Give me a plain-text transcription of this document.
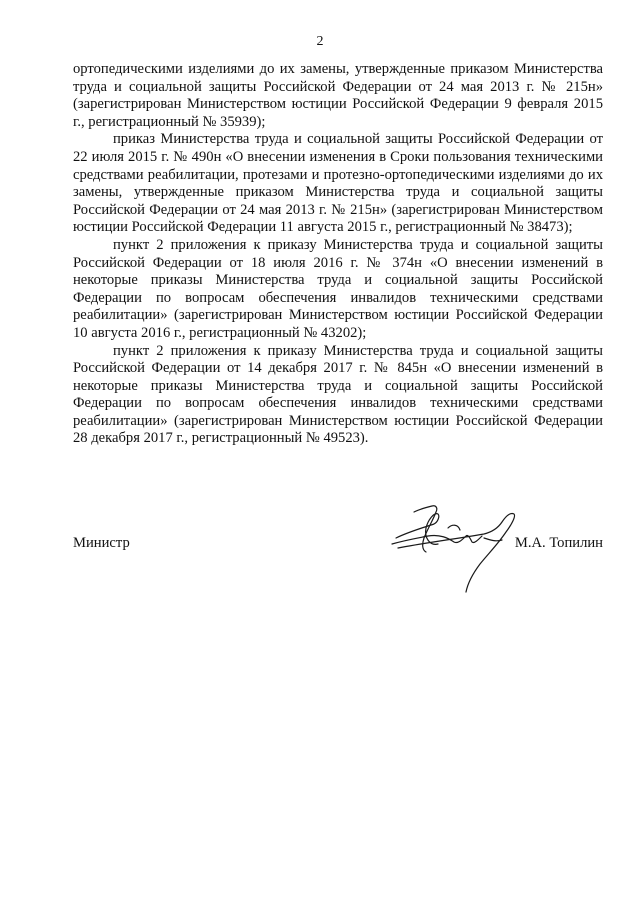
2

ортопедическими изделиями до их замены, утвержденные приказом Министерства труда и социальной защиты Российской Федерации от 24 мая 2013 г. № 215н» (зарегистрирован Министерством юстиции Российской Федерации 9 февраля 2015 г., регистрационный № 35939);

приказ Министерства труда и социальной защиты Российской Федерации от 22 июля 2015 г. № 490н «О внесении изменения в Сроки пользования техническими средствами реабилитации, протезами и протезно-ортопедическими изделиями до их замены, утвержденные приказом Министерства труда и социальной защиты Российской Федерации от 24 мая 2013 г. № 215н» (зарегистрирован Министерством юстиции Российской Федерации 11 августа 2015 г., регистрационный № 38473);

пункт 2 приложения к приказу Министерства труда и социальной защиты Российской Федерации от 18 июля 2016 г. № 374н «О внесении изменений в некоторые приказы Министерства труда и социальной защиты Российской Федерации по вопросам обеспечения инвалидов техническими средствами реабилитации» (зарегистрирован Министерством юстиции Российской Федерации 10 августа 2016 г., регистрационный № 43202);

пункт 2 приложения к приказу Министерства труда и социальной защиты Российской Федерации от 14 декабря 2017 г. № 845н «О внесении изменений в некоторые приказы Министерства труда и социальной защиты Российской Федерации по вопросам обеспечения инвалидов техническими средствами реабилитации» (зарегистрирован Министерством юстиции Российской Федерации 28 декабря 2017 г., регистрационный № 49523).

Министр	М.А. Топилин
